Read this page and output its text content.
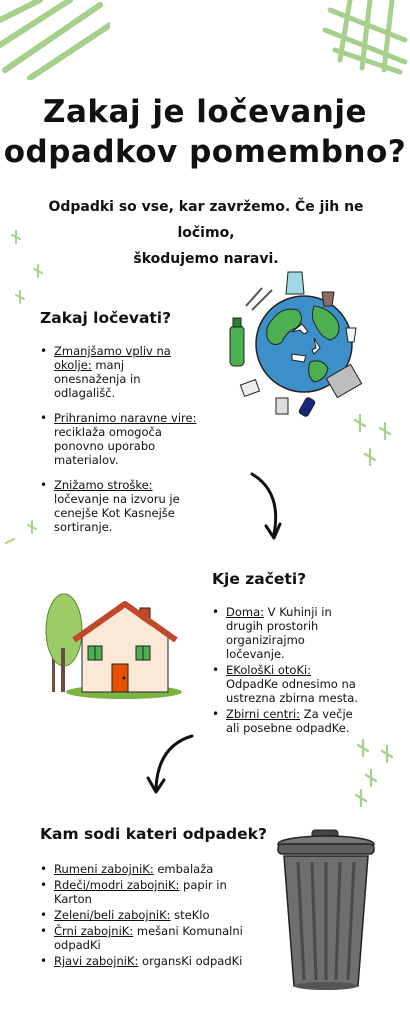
Zakaj je ločevanje
odpadkov pomembno?
Odpadki so vse, kar zavržemo. Če jih ne ločimo,
škodujemo naravi.
Zakaj ločevati?
• Zmanjšamo vpliv na
okolje: manj
onesnaženja in
odlagališč.
• Prihranimo naravne vire:
recikIaža omogoča
ponovno uporabo
materialov.
• Znižamo stroške:
ločevanje na izvoru je
cenejše Kot Kasnejše
sortiranje.
Kje začeti?
• Doma: V Kuhinji in
drugih prostorih
organizirajmo
ločevanje.
• EKološKi otoKi:
OdpadKe odnesimo na
ustrezna zbirna mesta.
• Zbirni centri: Za večje
ali posebne odpadKe.
Kam sodi kateri odpadek?
• Rumeni zabojniK: embalaža
• Rdeči/modri zabojniK: papir in
Karton
• Zeleni/beli zabojniK: steKlo
• Črni zabojniK: mešani Komunalni
odpadKi
• Rjavi zabojniK: organsKi odpadKi
